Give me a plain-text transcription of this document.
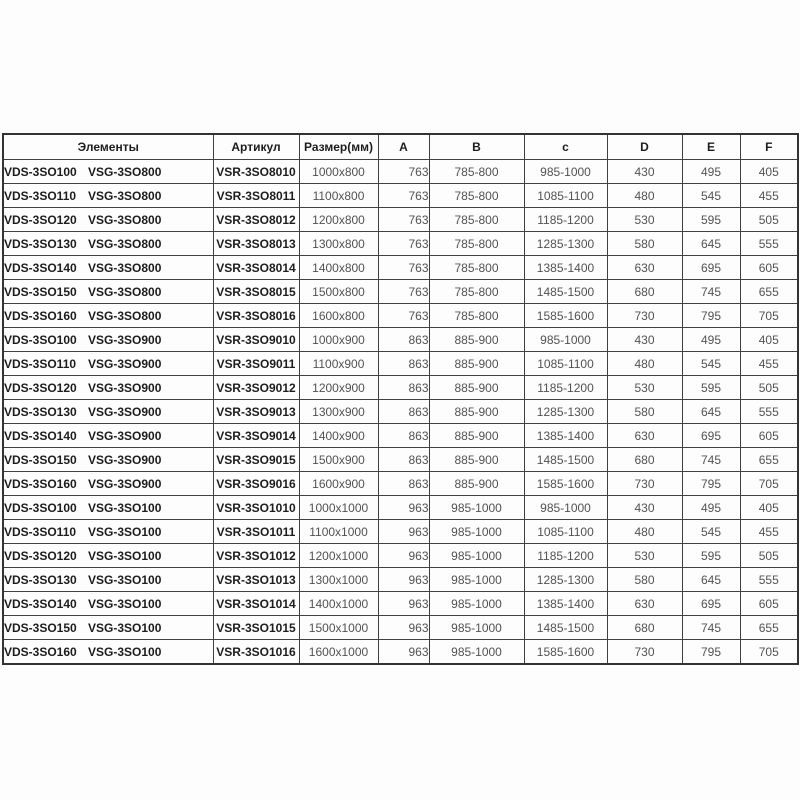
Элементы	Артикул	Размер(мм)	A	B	c	D	E	F
VDS-3SO100 VSG-3SO800	VSR-3SO8010	1000x800	763	785-800	985-1000	430	495	405
VDS-3SO110 VSG-3SO800	VSR-3SO8011	1100x800	763	785-800	1085-1100	480	545	455
VDS-3SO120 VSG-3SO800	VSR-3SO8012	1200x800	763	785-800	1185-1200	530	595	505
VDS-3SO130 VSG-3SO800	VSR-3SO8013	1300x800	763	785-800	1285-1300	580	645	555
VDS-3SO140 VSG-3SO800	VSR-3SO8014	1400x800	763	785-800	1385-1400	630	695	605
VDS-3SO150 VSG-3SO800	VSR-3SO8015	1500x800	763	785-800	1485-1500	680	745	655
VDS-3SO160 VSG-3SO800	VSR-3SO8016	1600x800	763	785-800	1585-1600	730	795	705
VDS-3SO100 VSG-3SO900	VSR-3SO9010	1000x900	863	885-900	985-1000	430	495	405
VDS-3SO110 VSG-3SO900	VSR-3SO9011	1100x900	863	885-900	1085-1100	480	545	455
VDS-3SO120 VSG-3SO900	VSR-3SO9012	1200x900	863	885-900	1185-1200	530	595	505
VDS-3SO130 VSG-3SO900	VSR-3SO9013	1300x900	863	885-900	1285-1300	580	645	555
VDS-3SO140 VSG-3SO900	VSR-3SO9014	1400x900	863	885-900	1385-1400	630	695	605
VDS-3SO150 VSG-3SO900	VSR-3SO9015	1500x900	863	885-900	1485-1500	680	745	655
VDS-3SO160 VSG-3SO900	VSR-3SO9016	1600x900	863	885-900	1585-1600	730	795	705
VDS-3SO100 VSG-3SO100	VSR-3SO1010	1000x1000	963	985-1000	985-1000	430	495	405
VDS-3SO110 VSG-3SO100	VSR-3SO1011	1100x1000	963	985-1000	1085-1100	480	545	455
VDS-3SO120 VSG-3SO100	VSR-3SO1012	1200x1000	963	985-1000	1185-1200	530	595	505
VDS-3SO130 VSG-3SO100	VSR-3SO1013	1300x1000	963	985-1000	1285-1300	580	645	555
VDS-3SO140 VSG-3SO100	VSR-3SO1014	1400x1000	963	985-1000	1385-1400	630	695	605
VDS-3SO150 VSG-3SO100	VSR-3SO1015	1500x1000	963	985-1000	1485-1500	680	745	655
VDS-3SO160 VSG-3SO100	VSR-3SO1016	1600x1000	963	985-1000	1585-1600	730	795	705
